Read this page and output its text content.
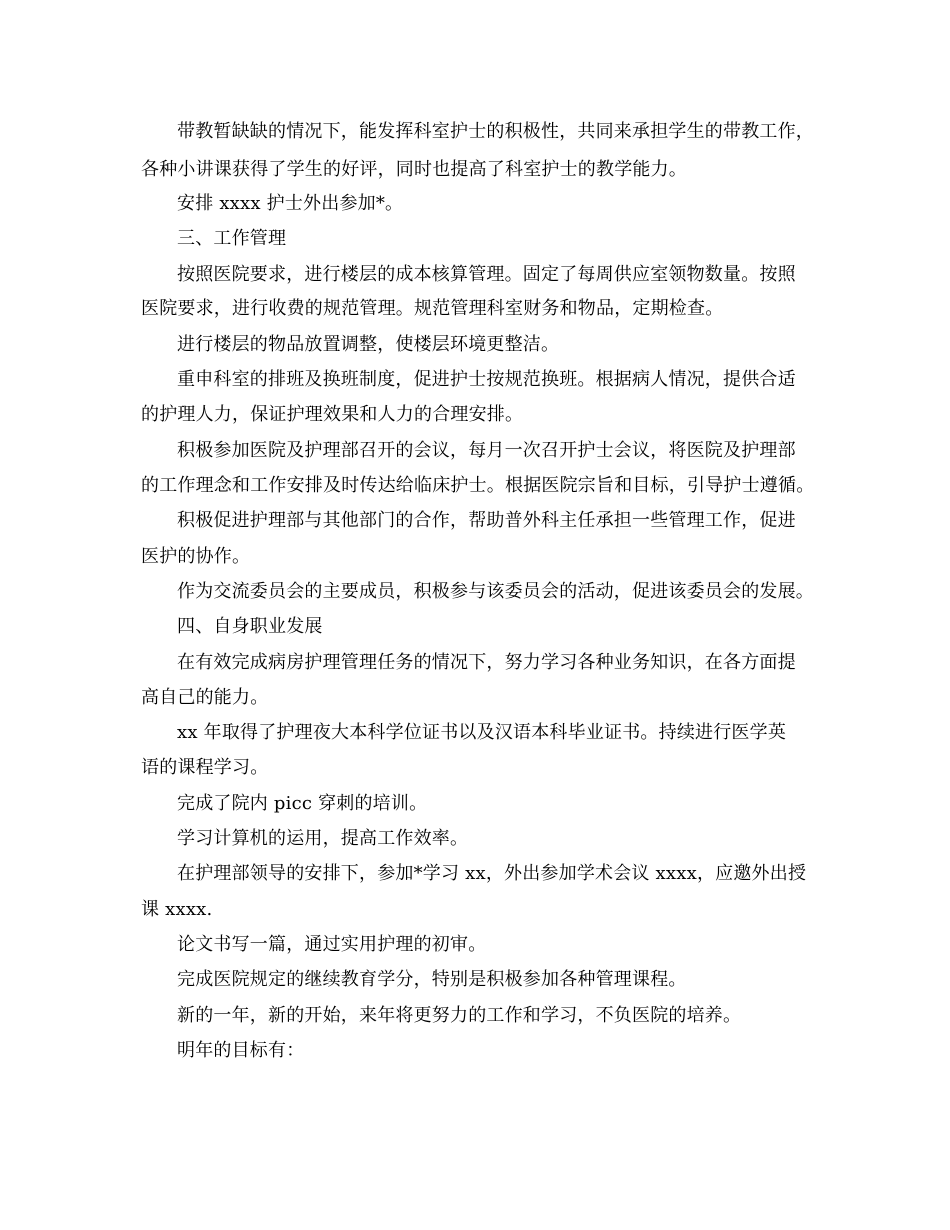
带教暂缺缺的情况下，能发挥科室护士的积极性，共同来承担学生的带教工作，
各种小讲课获得了学生的好评，同时也提高了科室护士的教学能力。
安排 xxxx 护士外出参加*。
三、工作管理
按照医院要求，进行楼层的成本核算管理。固定了每周供应室领物数量。按照
医院要求，进行收费的规范管理。规范管理科室财务和物品，定期检查。
进行楼层的物品放置调整，使楼层环境更整洁。
重申科室的排班及换班制度，促进护士按规范换班。根据病人情况，提供合适
的护理人力，保证护理效果和人力的合理安排。
积极参加医院及护理部召开的会议，每月一次召开护士会议，将医院及护理部
的工作理念和工作安排及时传达给临床护士。根据医院宗旨和目标，引导护士遵循。
积极促进护理部与其他部门的合作，帮助普外科主任承担一些管理工作，促进
医护的协作。
作为交流委员会的主要成员，积极参与该委员会的活动，促进该委员会的发展。
四、自身职业发展
在有效完成病房护理管理任务的情况下，努力学习各种业务知识，在各方面提
高自己的能力。
xx 年取得了护理夜大本科学位证书以及汉语本科毕业证书。持续进行医学英
语的课程学习。
完成了院内 picc 穿刺的培训。
学习计算机的运用，提高工作效率。
在护理部领导的安排下，参加*学习 xx，外出参加学术会议 xxxx，应邀外出授
课 xxxx.
论文书写一篇，通过实用护理的初审。
完成医院规定的继续教育学分，特别是积极参加各种管理课程。
新的一年，新的开始，来年将更努力的工作和学习，不负医院的培养。
明年的目标有：
